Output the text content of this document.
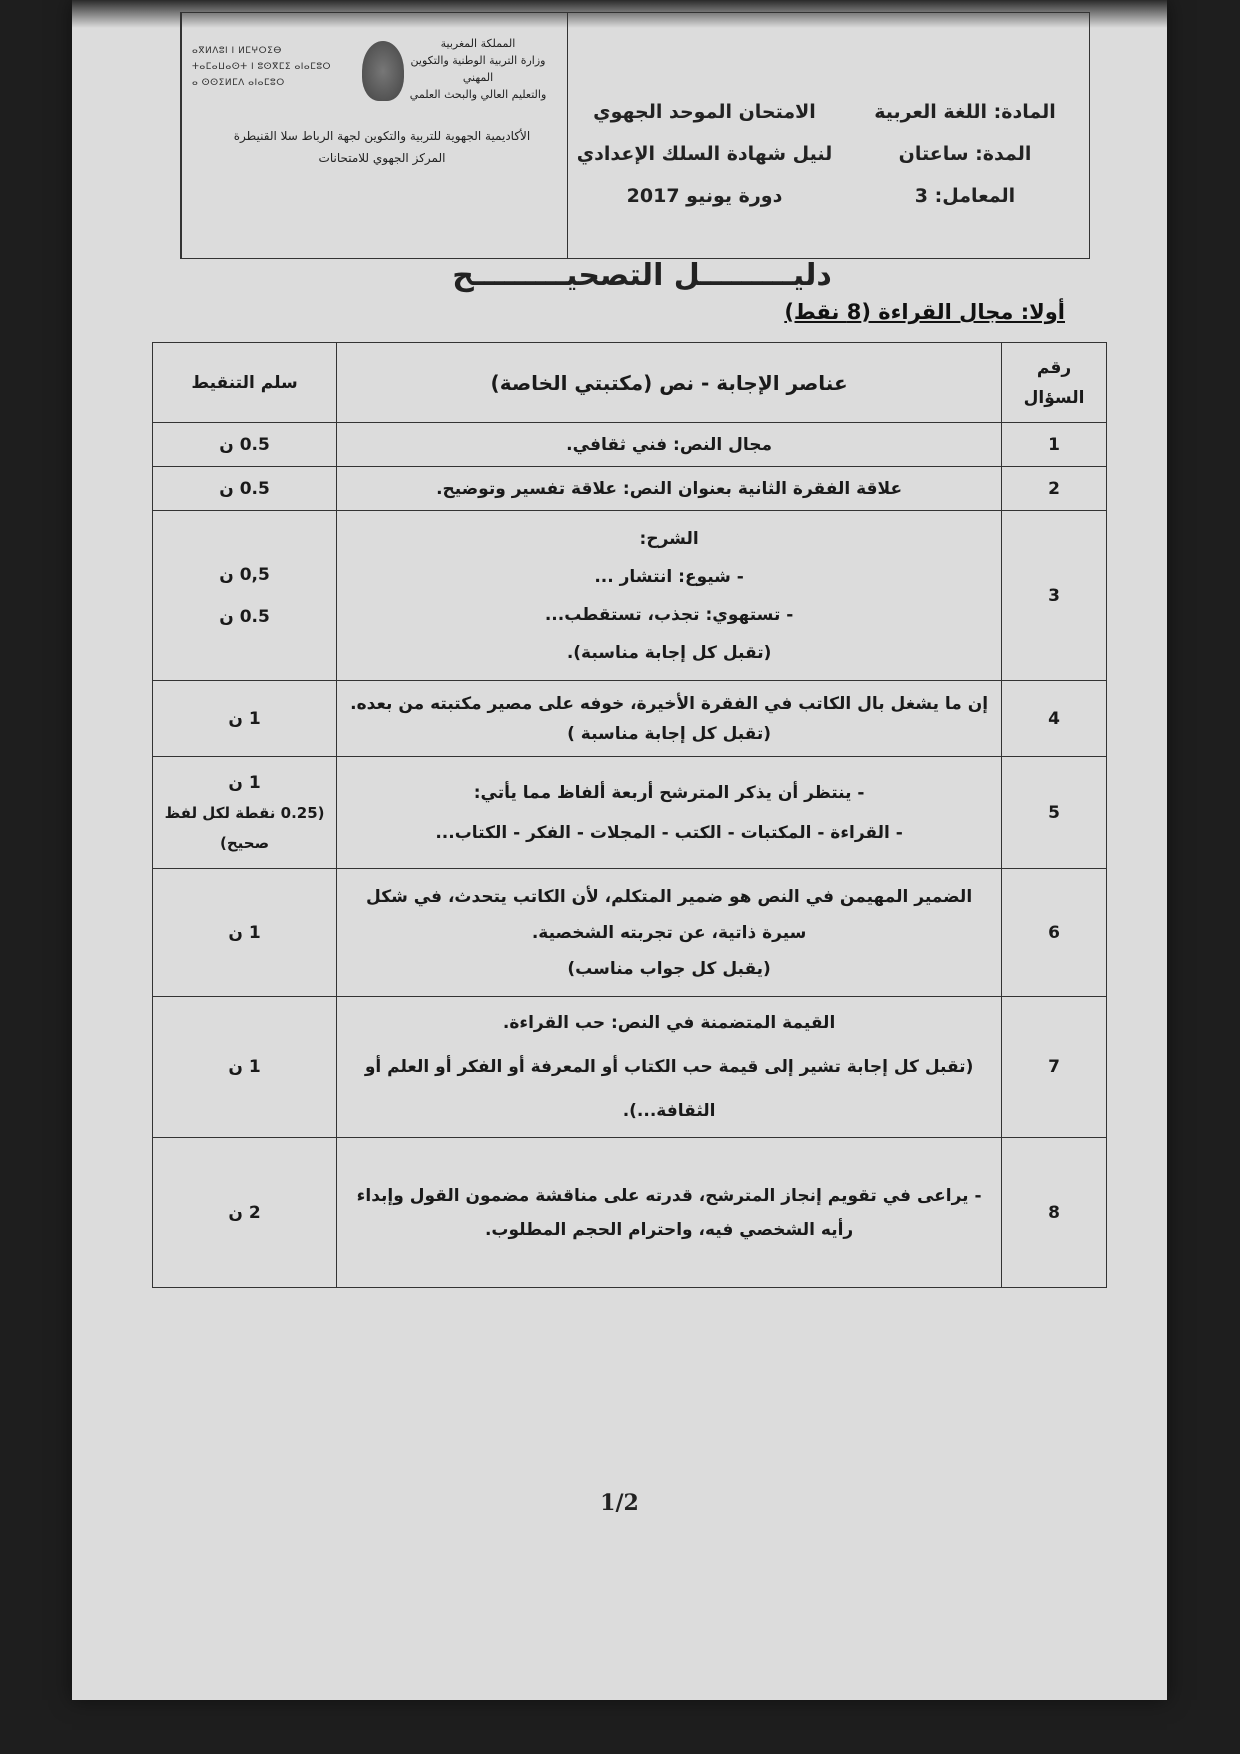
المملكة المغربية
وزارة التربية الوطنية والتكوين المهني
والتعليم العالي والبحث العلمي
ⴰⴳⵍⴷⵓⵏ ⵏ ⵍⵎⵖⵔⵉⴱ
ⵜⴰⵎⴰⵡⴰⵙⵜ ⵏ ⵓⵙⴳⵎⵉ ⴰⵏⴰⵎⵓⵔ
ⴰ ⵙⵙⵉⵍⵎⴷ ⴰⵏⴰⵎⵓⵔ
الأكاديمية الجهوية للتربية والتكوين لجهة الرباط سلا القنيطرة
المركز الجهوي للامتحانات
الامتحان الموحد الجهوي
لنيل شهادة السلك الإعدادي
دورة يونيو 2017
المادة: اللغة العربية
المدة: ساعتان
المعامل: 3
دليـــــــــل التصحيـــــــــح
أولا: مجال القراءة (8 نقط)
رقم السؤال	عناصر الإجابة - نص (مكتبتي الخاصة)	سلم التنقيط
1	مجال النص: فني ثقافي.	0.5 ن

2	علاقة الفقرة الثانية بعنوان النص: علاقة تفسير وتوضيح.	0.5 ن

3	الشرح:
- شيوع: انتشار ...
- تستهوي: تجذب، تستقطب...
(تقبل كل إجابة مناسبة).	0,5 ن
0.5 ن

4	إن ما يشغل بال الكاتب في الفقرة الأخيرة، خوفه على مصير مكتبته من بعده.
(تقبل كل إجابة مناسبة )	1 ن

5	- ينتظر أن يذكر المترشح أربعة ألفاظ مما يأتي:
- القراءة - المكتبات - الكتب - المجلات - الفكر - الكتاب...	1 ن
(0.25 نقطة لكل لفظ صحيح)

6	الضمير المهيمن في النص هو ضمير المتكلم، لأن الكاتب يتحدث، في شكل سيرة ذاتية، عن تجربته الشخصية.
(يقبل كل جواب مناسب)	1 ن

7	القيمة المتضمنة في النص: حب القراءة.
(تقبل كل إجابة تشير إلى قيمة حب الكتاب أو المعرفة أو الفكر أو العلم أو الثقافة...).	1 ن

8	- يراعى في تقويم إنجاز المترشح، قدرته على مناقشة مضمون القول وإبداء رأيه الشخصي فيه، واحترام الحجم المطلوب.	2 ن
1/2
